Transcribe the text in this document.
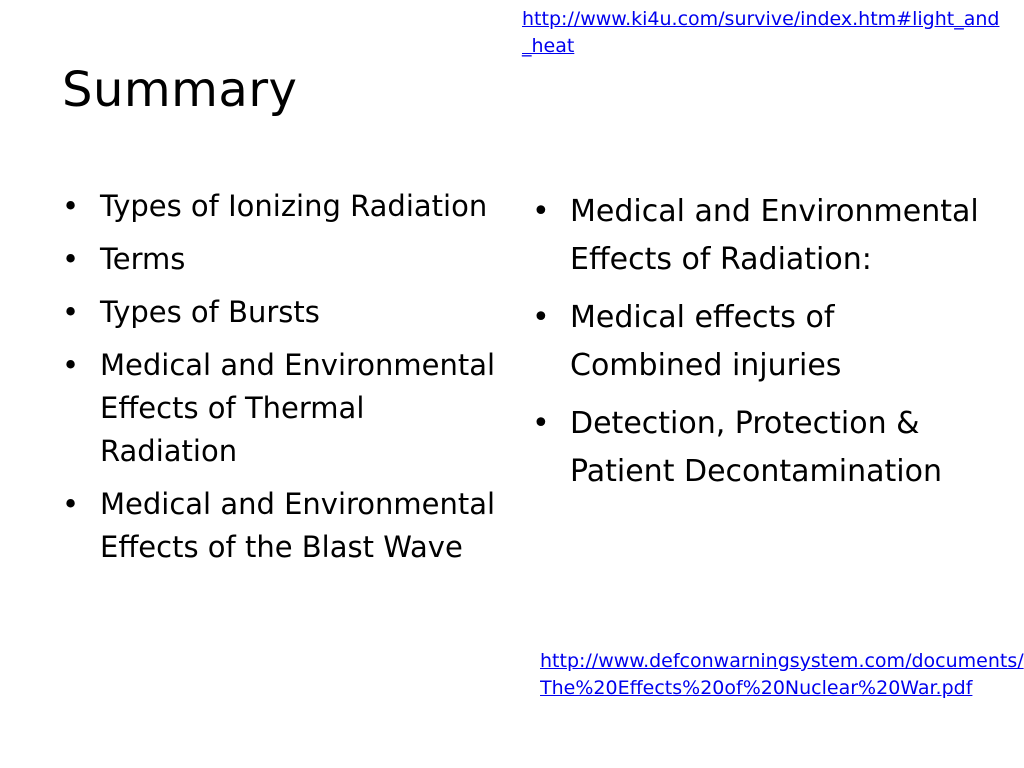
http://www.ki4u.com/survive/index.htm#light_and_heat
Summary
• Types of Ionizing Radiation
• Terms
• Types of Bursts
• Medical and Environmental Effects of Thermal Radiation
• Medical and Environmental Effects of the Blast Wave
• Medical and Environmental Effects of Radiation:
• Medical effects of Combined injuries
• Detection, Protection & Patient Decontamination
http://www.defconwarningsystem.com/documents/The%20Effects%20of%20Nuclear%20War.pdf
